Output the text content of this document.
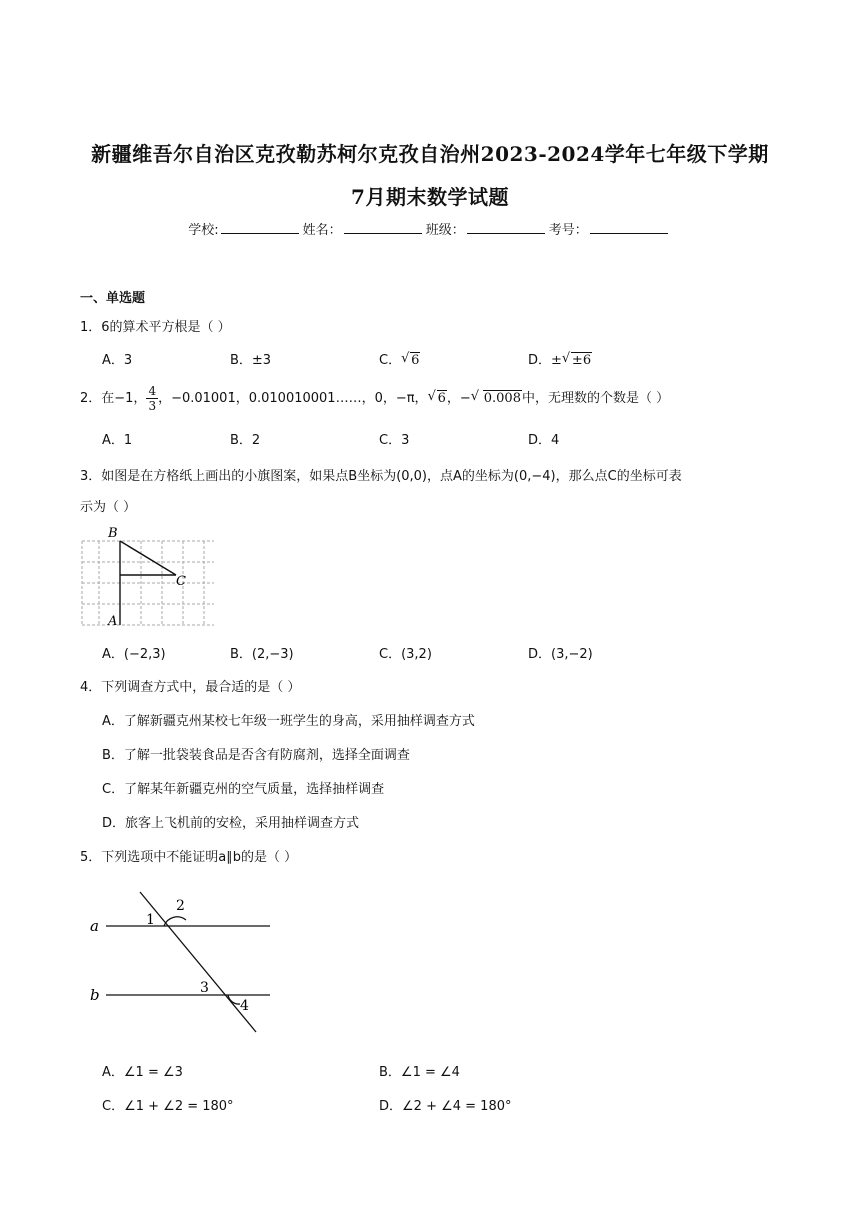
新疆维吾尔自治区克孜勒苏柯尔克孜自治州2023-2024学年七年级下学期
7月期末数学试题
学校:	姓名：	班级：	考号：
一、单选题
1．6的算术平方根是（ ）
A．3	B．±3	C． √ 6	D．± √ ±6
2．在−1， $\frac{4}{3}$ ，−0.0100̇1̇，0.010010001……，0，−π， √ 6，− √ 0.008中，无理数的个数是（ ）
A．1	B．2	C．3	D．4
3．如图是在方格纸上画出的小旗图案，如果点B坐标为(0,0)，点A的坐标为(0,−4)，那么点C的坐标可表
示为（ ）
B
C
A
A．(−2,3)	B．(2,−3)	C．(3,2)	D．(3,−2)
4．下列调查方式中，最合适的是（ ）
A．了解新疆克州某校七年级一班学生的身高，采用抽样调查方式
B．了解一批袋装食品是否含有防腐剂，选择全面调查
C．了解某年新疆克州的空气质量，选择抽样调查
D．旅客上飞机前的安检，采用抽样调查方式
5．下列选项中不能证明a∥b的是（ ）
a
b
1
2
3
4
A．∠1 = ∠3	B．∠1 = ∠4
C．∠1 + ∠2 = 180°	D．∠2 + ∠4 = 180°
